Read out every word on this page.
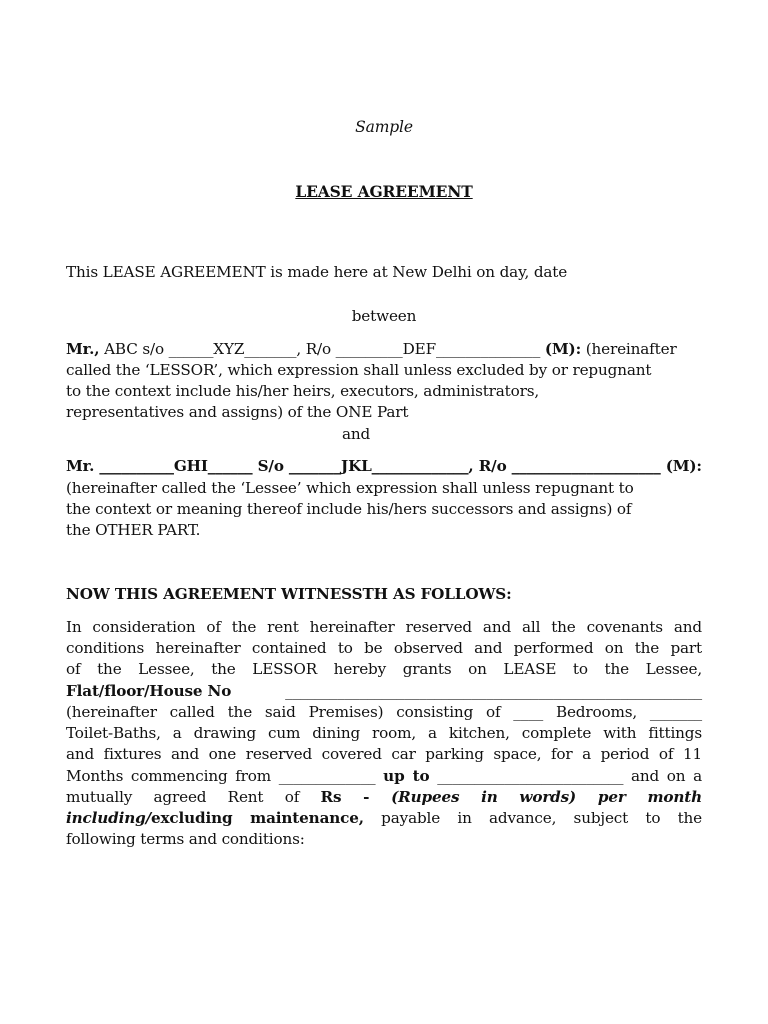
Sample
LEASE AGREEMENT
This LEASE AGREEMENT is made here at New Delhi on day, date
between
Mr., ABC s/o ______XYZ_______, R/o _________DEF______________ (M): (hereinafter
called the ‘LESSOR’, which expression shall unless excluded by or repugnant
to the context include his/her heirs, executors, administrators,
representatives and assigns) of the ONE Part
and
Mr. __________GHI______ S/o _______JKL_____________, R/o ____________________ (M):
(hereinafter called the ‘Lessee’ which expression shall unless repugnant to
the context or meaning thereof include his/hers successors and assigns) of
the OTHER PART.
NOW THIS AGREEMENT WITNESSTH AS FOLLOWS:
In consideration of the rent hereinafter reserved and all the covenants and
conditions hereinafter contained to be observed and performed on the part
of the Lessee, the LESSOR hereby grants on LEASE to the Lessee,
Flat/floor/House No	________________________________________________________
(hereinafter called the said Premises) consisting of ____ Bedrooms, _______
Toilet-Baths, a drawing cum dining room, a kitchen, complete with fittings
and fixtures and one reserved covered car parking space, for a period of 11
Months commencing from _____________ up to _________________________ and on a
mutually agreed Rent of Rs - (Rupees in words) per month
including/excluding maintenance, payable in advance, subject to the
following terms and conditions:
